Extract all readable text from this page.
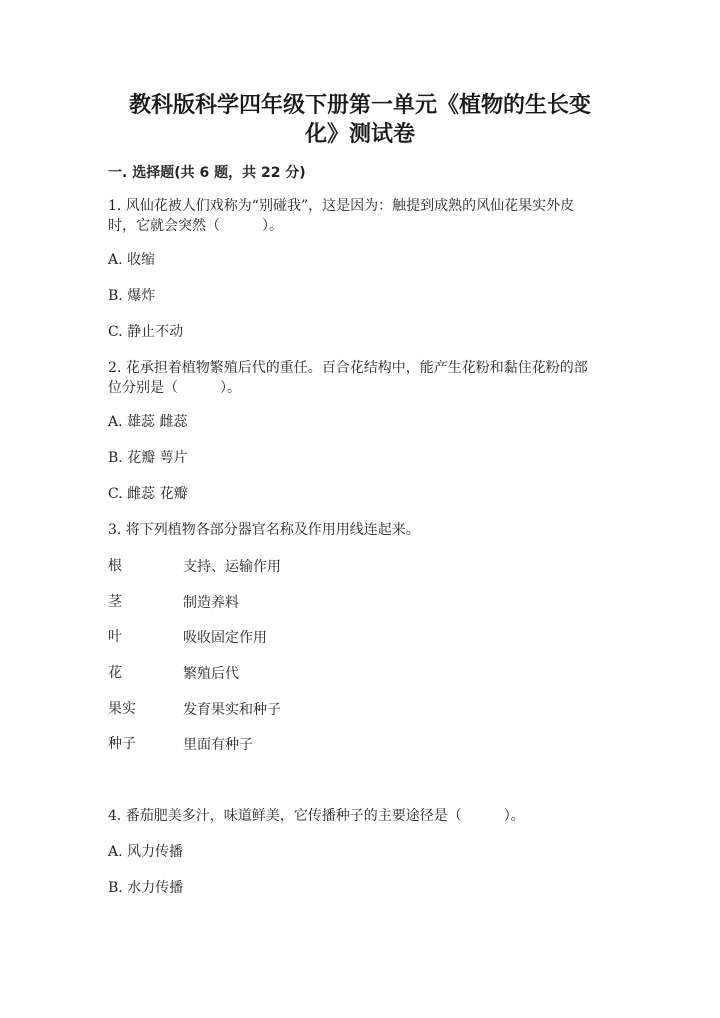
教科版科学四年级下册第一单元《植物的生长变
化》测试卷
一. 选择题(共 6 题，共 22 分)
1. 风仙花被人们戏称为“别碰我”，这是因为：触提到成熟的风仙花果实外皮
时，它就会突然（　　　）。
A. 收缩
B. 爆炸
C. 静止不动
2. 花承担着植物繁殖后代的重任。百合花结构中，能产生花粉和黏住花粉的部
位分别是（　　　）。
A. 雄蕊 雌蕊
B. 花瓣 萼片
C. 雌蕊 花瓣
3. 将下列植物各部分器官名称及作用用线连起来。
根	支持、运输作用
茎	制造养料
叶	吸收固定作用
花	繁殖后代
果实	发育果实和种子
种子	里面有种子
4. 番茄肥美多汁，味道鲜美，它传播种子的主要途径是（　　　）。
A. 风力传播
B. 水力传播
